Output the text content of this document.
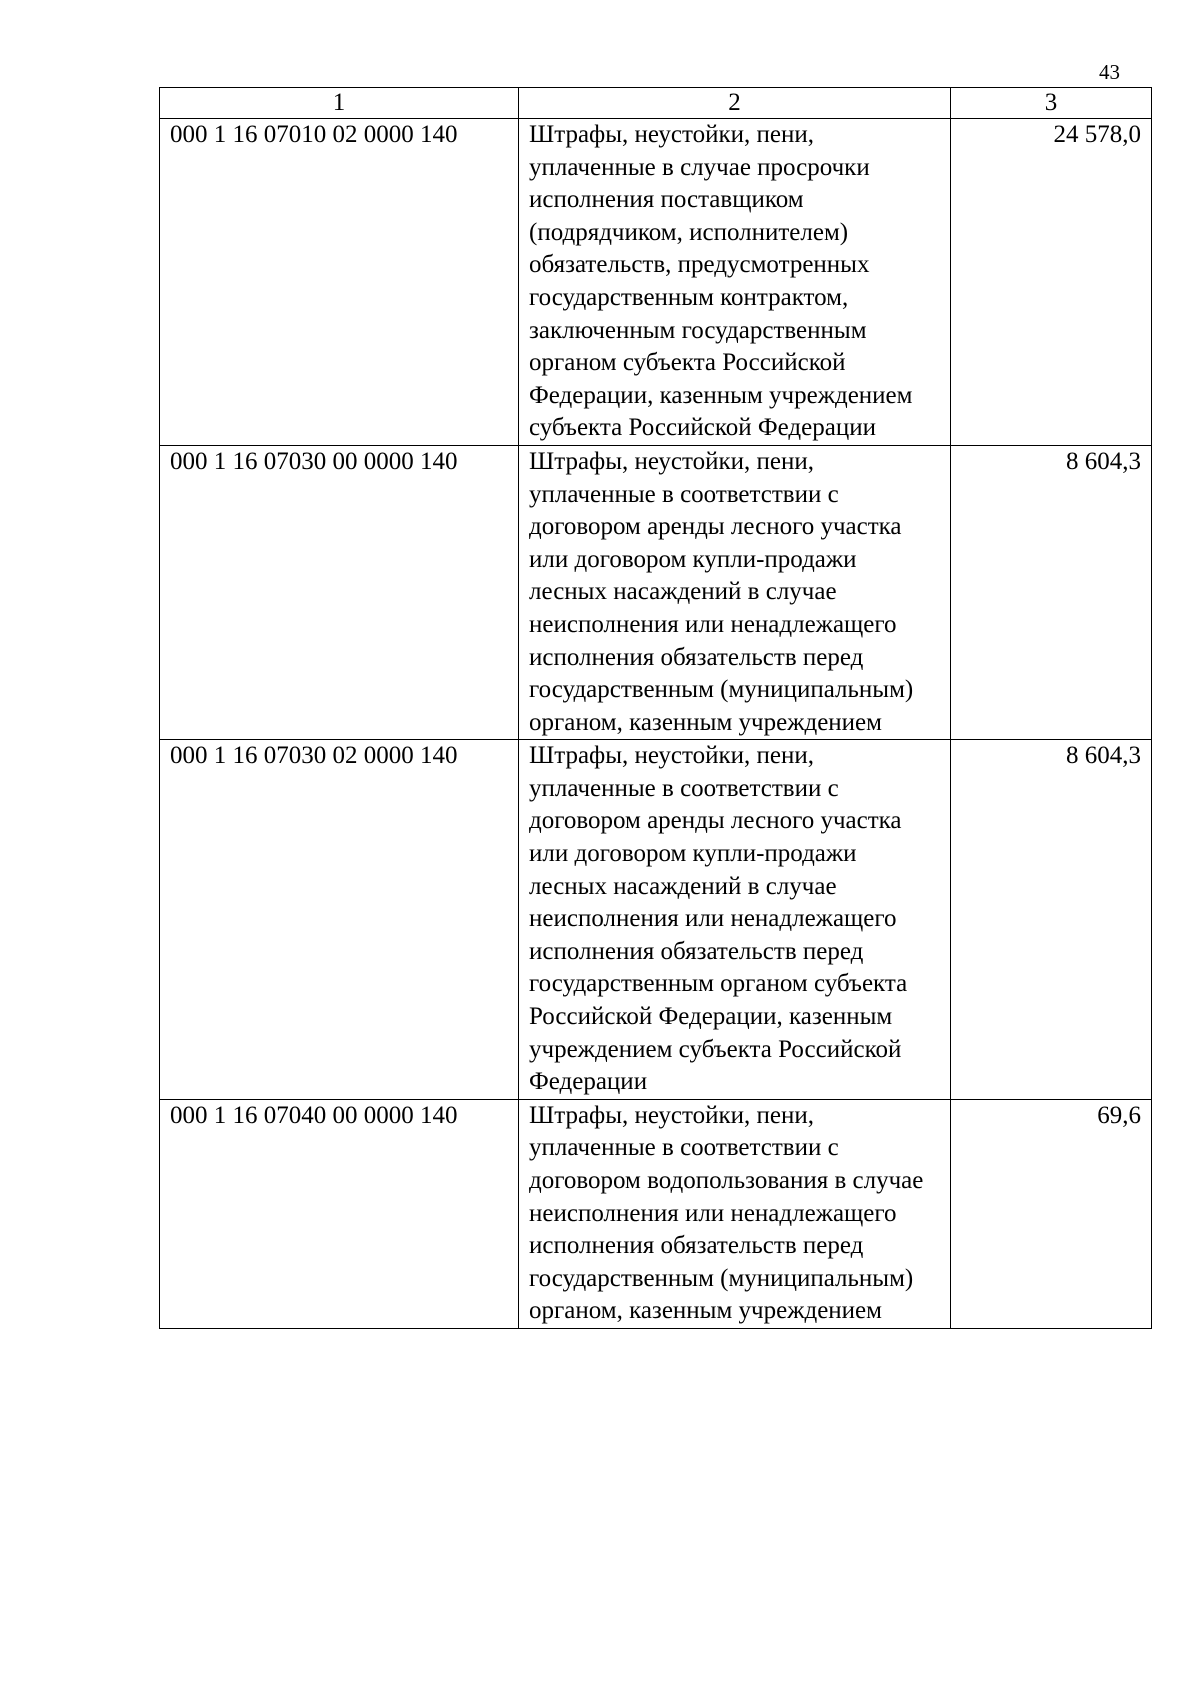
43
1	2	3
000 1 16 07010 02 0000 140	Штрафы, неустойки, пени, уплаченные в случае просрочки исполнения поставщиком (подрядчиком, исполнителем) обязательств, предусмотренных государственным контрактом, заключенным государственным органом субъекта Российской Федерации, казенным учреждением субъекта Российской Федерации	24 578,0
000 1 16 07030 00 0000 140	Штрафы, неустойки, пени, уплаченные в соответствии с договором аренды лесного участка или договором купли-продажи лесных насаждений в случае неисполнения или ненадлежащего исполнения обязательств перед государственным (муниципальным) органом, казенным учреждением	8 604,3
000 1 16 07030 02 0000 140	Штрафы, неустойки, пени, уплаченные в соответствии с договором аренды лесного участка или договором купли-продажи лесных насаждений в случае неисполнения или ненадлежащего исполнения обязательств перед государственным органом субъекта Российской Федерации, казенным учреждением субъекта Российской Федерации	8 604,3
000 1 16 07040 00 0000 140	Штрафы, неустойки, пени, уплаченные в соответствии с договором водопользования в случае неисполнения или ненадлежащего исполнения обязательств перед государственным (муниципальным) органом, казенным учреждением	69,6
